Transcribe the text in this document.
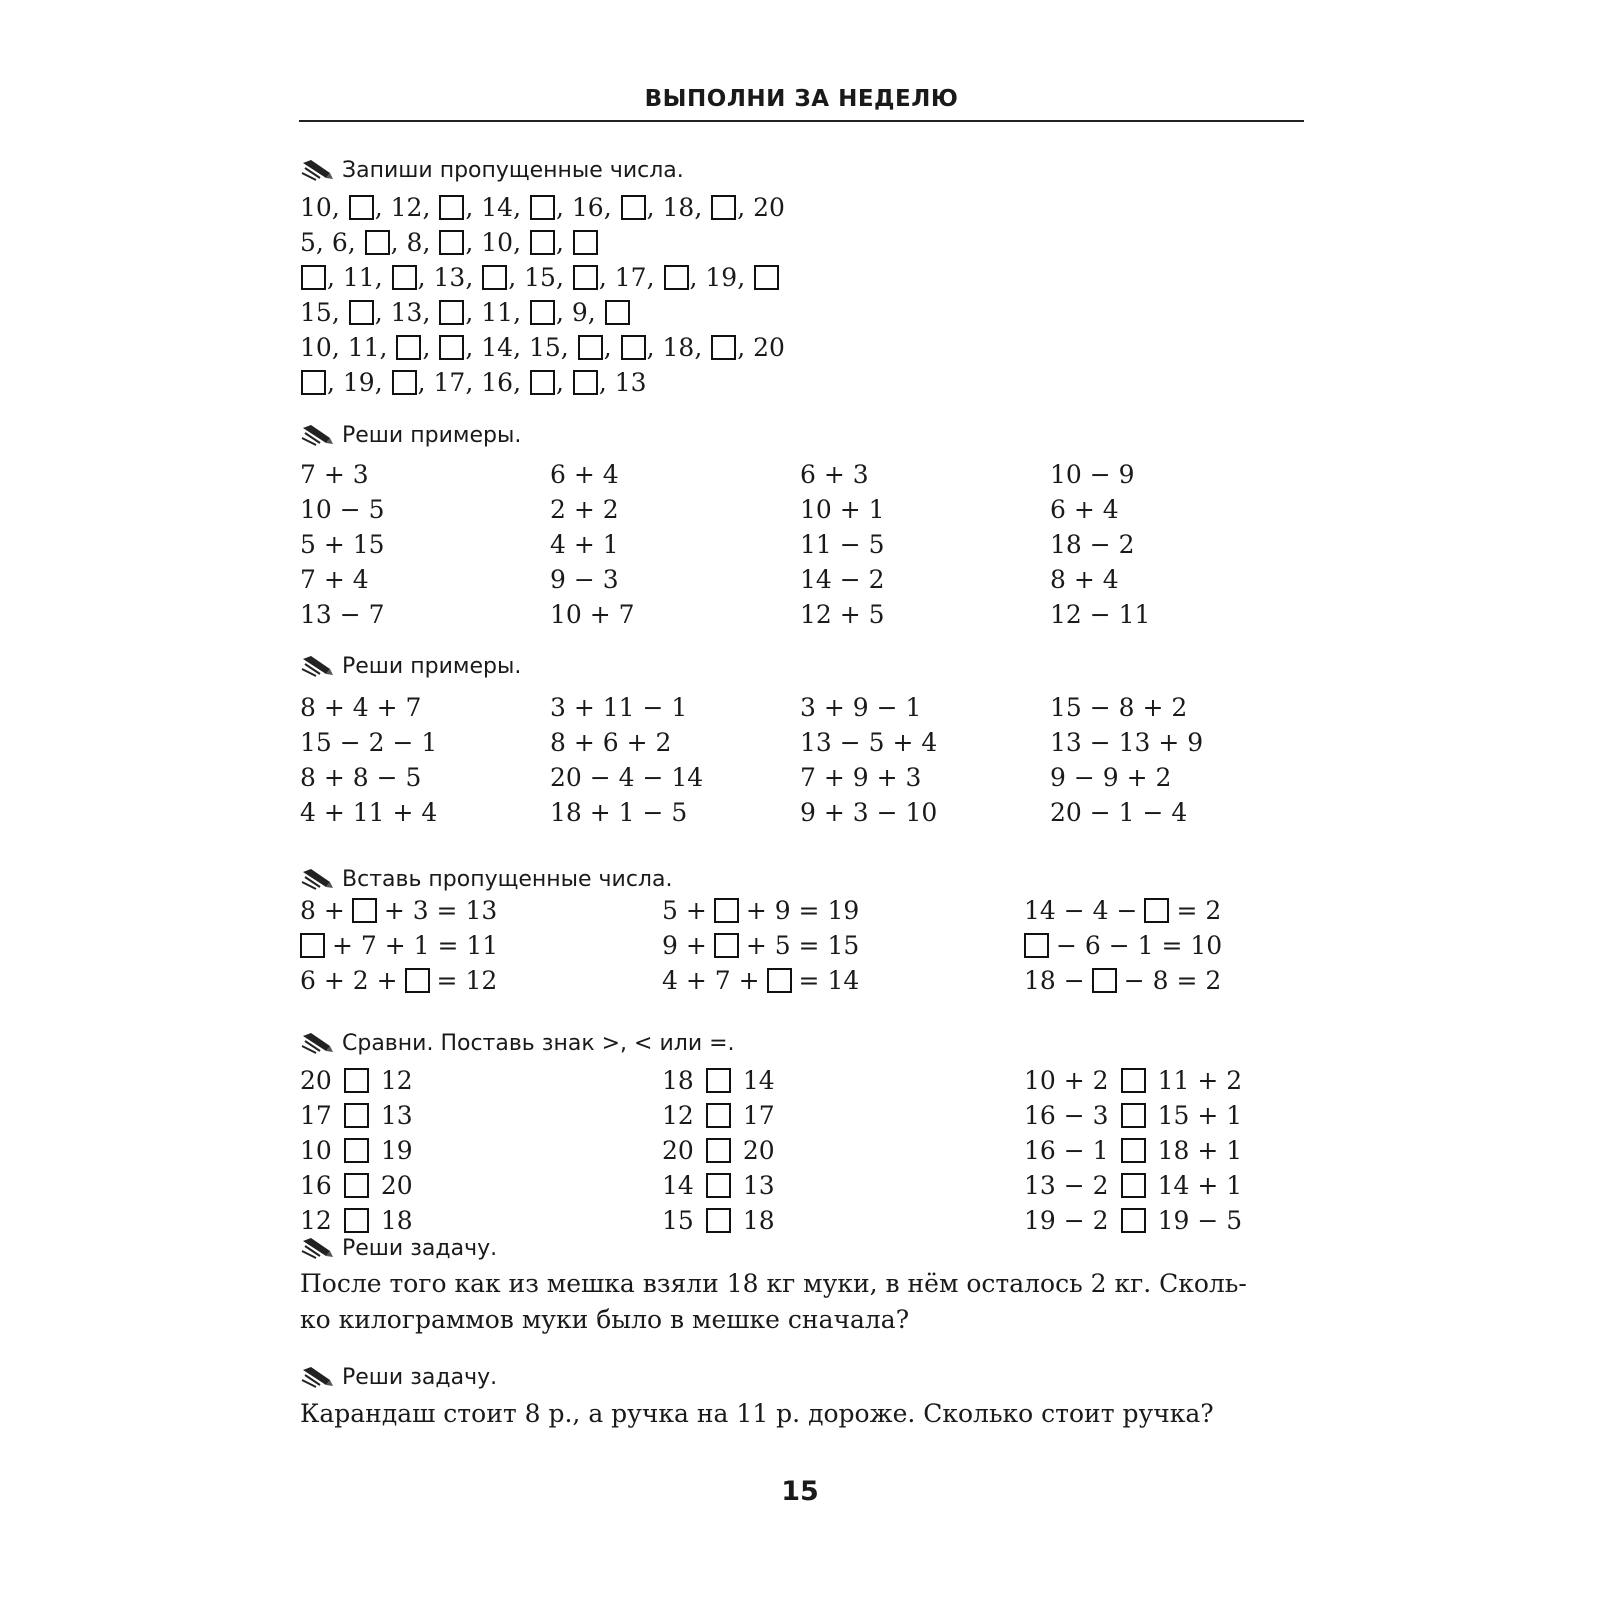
ВЫПОЛНИ ЗА НЕДЕЛЮ
Запиши пропущенные числа.
10 , , 12 , , 14 , , 16 , , 18 , , 20
5 , 6 , , 8 , , 10 , ,
, 11 , , 13 , , 15 , , 17 , , 19 ,
15 , , 13 , , 11 , , 9 ,
10 , 11 , , , 14 , 15 , , , 18 , , 20
, 19 , , 17 , 16 , , , 13
Реши примеры.
7 + 3
10 − 5
5 + 15
7 + 4
13 − 7
6 + 4
2 + 2
4 + 1
9 − 3
10 + 7
6 + 3
10 + 1
11 − 5
14 − 2
12 + 5
10 − 9
6 + 4
18 − 2
8 + 4
12 − 11
Реши примеры.
8 + 4 + 7
15 − 2 − 1
8 + 8 − 5
4 + 11 + 4
3 + 11 − 1
8 + 6 + 2
20 − 4 − 14
18 + 1 − 5
3 + 9 − 1
13 − 5 + 4
7 + 9 + 3
9 + 3 − 10
15 − 8 + 2
13 − 13 + 9
9 − 9 + 2
20 − 1 − 4
Вставь пропущенные числа.
8 + + 3 = 13
+ 7 + 1 = 11
6 + 2 + = 12
5 + + 9 = 19
9 + + 5 = 15
4 + 7 + = 14
14 − 4 − = 2
− 6 − 1 = 10
18 − − 8 = 2
Сравни. Поставь знак >, < или =.
20 12
17 13
10 19
16 20
12 18
18 14
12 17
20 20
14 13
15 18
10 + 2 11 + 2
16 − 3 15 + 1
16 − 1 18 + 1
13 − 2 14 + 1
19 − 2 19 − 5
Реши задачу.
После того как из мешка взяли 18 кг муки, в нём осталось 2 кг. Сколь-
ко килограммов муки было в мешке сначала?
Реши задачу.
Карандаш стоит 8 р., а ручка на 11 р. дороже. Сколько стоит ручка?
15
